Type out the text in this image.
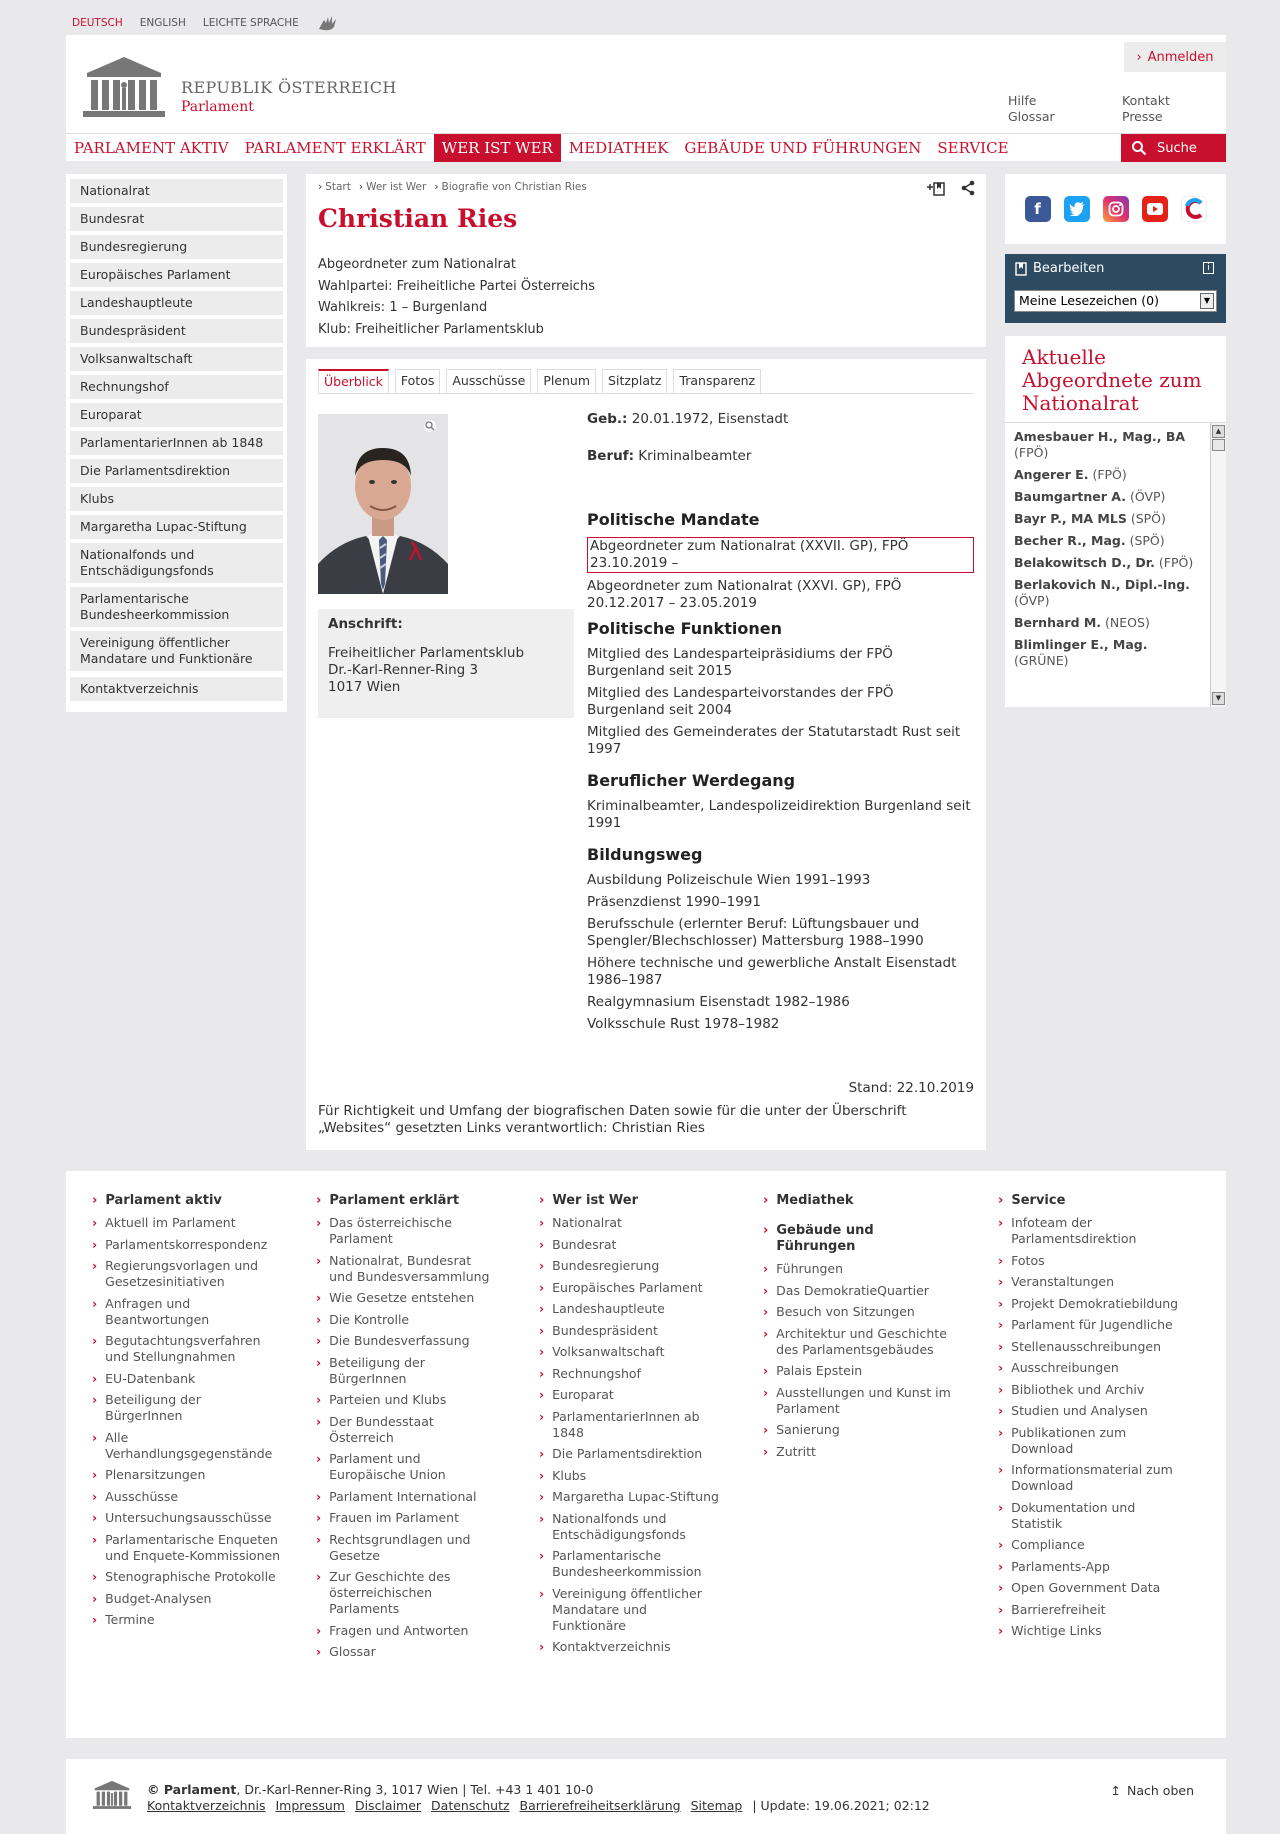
DEUTSCH ENGLISH LEICHTE SPRACHE
REPUBLIK ÖSTERREICH
Parlament
› Anmelden
Hilfe
Glossar
Kontakt
Presse
PARLAMENT AKTIV	PARLAMENT ERKLÄRT	WER IST WER	MEDIATHEK	GEBÄUDE UND FÜHRUNGEN	SERVICE	Suche
Nationalrat
Bundesrat
Bundesregierung
Europäisches Parlament
Landeshauptleute
Bundespräsident
Volksanwaltschaft
Rechnungshof
Europarat
ParlamentarierInnen ab 1848
Die Parlamentsdirektion
Klubs
Margaretha Lupac-Stiftung
Nationalfonds und Entschädigungsfonds
Parlamentarische Bundesheerkommission
Vereinigung öffentlicher Mandatare und Funktionäre
Kontaktverzeichnis
› Start	› Wer ist Wer	› Biografie von Christian Ries
Christian Ries
Abgeordneter zum Nationalrat
Wahlpartei: Freiheitliche Partei Österreichs
Wahlkreis: 1 – Burgenland
Klub: Freiheitlicher Parlamentsklub
Überblick	Fotos	Ausschüsse	Plenum	Sitzplatz	Transparenz
Anschrift:
Freiheitlicher Parlamentsklub
Dr.-Karl-Renner-Ring 3
1017 Wien
Geb.: 20.01.1972, Eisenstadt
Beruf: Kriminalbeamter
Politische Mandate
Abgeordneter zum Nationalrat (XXVII. GP), FPÖ
23.10.2019 –
Abgeordneter zum Nationalrat (XXVI. GP), FPÖ
20.12.2017 – 23.05.2019
Politische Funktionen
Mitglied des Landesparteipräsidiums der FPÖ Burgenland seit 2015
Mitglied des Landesparteivorstandes der FPÖ Burgenland seit 2004
Mitglied des Gemeinderates der Statutarstadt Rust seit 1997
Beruflicher Werdegang
Kriminalbeamter, Landespolizeidirektion Burgenland seit 1991
Bildungsweg
Ausbildung Polizeischule Wien 1991–1993
Präsenzdienst 1990–1991
Berufsschule (erlernter Beruf: Lüftungsbauer und Spengler/Blechschlosser) Mattersburg 1988–1990
Höhere technische und gewerbliche Anstalt Eisenstadt 1986–1987
Realgymnasium Eisenstadt 1982–1986
Volksschule Rust 1978–1982
Stand: 22.10.2019
Für Richtigkeit und Umfang der biografischen Daten sowie für die unter der Überschrift „Websites“ gesetzten Links verantwortlich: Christian Ries
f
Bearbeiten	i
Meine Lesezeichen (0)	▼
Aktuelle Abgeordnete zum Nationalrat
Amesbauer H., Mag., BA (FPÖ)
Angerer E. (FPÖ)
Baumgartner A. (ÖVP)
Bayr P., MA MLS (SPÖ)
Becher R., Mag. (SPÖ)
Belakowitsch D., Dr. (FPÖ)
Berlakovich N., Dipl.-Ing. (ÖVP)
Bernhard M. (NEOS)
Blimlinger E., Mag. (GRÜNE)
▲
▼
› Parlament aktiv
› Aktuell im Parlament
› Parlamentskorrespondenz
› Regierungsvorlagen und Gesetzesinitiativen
› Anfragen und Beantwortungen
› Begutachtungsverfahren und Stellungnahmen
› EU-Datenbank
› Beteiligung der BürgerInnen
› Alle Verhandlungsgegenstände
› Plenarsitzungen
› Ausschüsse
› Untersuchungsausschüsse
› Parlamentarische Enqueten und Enquete-Kommissionen
› Stenographische Protokolle
› Budget-Analysen
› Termine
› Parlament erklärt
› Das österreichische Parlament
› Nationalrat, Bundesrat und Bundesversammlung
› Wie Gesetze entstehen
› Die Kontrolle
› Die Bundesverfassung
› Beteiligung der BürgerInnen
› Parteien und Klubs
› Der Bundesstaat Österreich
› Parlament und Europäische Union
› Parlament International
› Frauen im Parlament
› Rechtsgrundlagen und Gesetze
› Zur Geschichte des österreichischen Parlaments
› Fragen und Antworten
› Glossar
› Wer ist Wer
› Nationalrat
› Bundesrat
› Bundesregierung
› Europäisches Parlament
› Landeshauptleute
› Bundespräsident
› Volksanwaltschaft
› Rechnungshof
› Europarat
› ParlamentarierInnen ab 1848
› Die Parlamentsdirektion
› Klubs
› Margaretha Lupac-Stiftung
› Nationalfonds und Entschädigungsfonds
› Parlamentarische Bundesheerkommission
› Vereinigung öffentlicher Mandatare und Funktionäre
› Kontaktverzeichnis
› Mediathek
› Gebäude und Führungen
› Führungen
› Das DemokratieQuartier
› Besuch von Sitzungen
› Architektur und Geschichte des Parlamentsgebäudes
› Palais Epstein
› Ausstellungen und Kunst im Parlament
› Sanierung
› Zutritt
› Service
› Infoteam der Parlamentsdirektion
› Fotos
› Veranstaltungen
› Projekt Demokratiebildung
› Parlament für Jugendliche
› Stellenausschreibungen
› Ausschreibungen
› Bibliothek und Archiv
› Studien und Analysen
› Publikationen zum Download
› Informationsmaterial zum Download
› Dokumentation und Statistik
› Compliance
› Parlaments-App
› Open Government Data
› Barrierefreiheit
› Wichtige Links
© Parlament, Dr.-Karl-Renner-Ring 3, 1017 Wien | Tel. +43 1 401 10-0
Kontaktverzeichnis Impressum Disclaimer Datenschutz Barrierefreiheitserklärung Sitemap | Update: 19.06.2021; 02:12
↥ Nach oben
